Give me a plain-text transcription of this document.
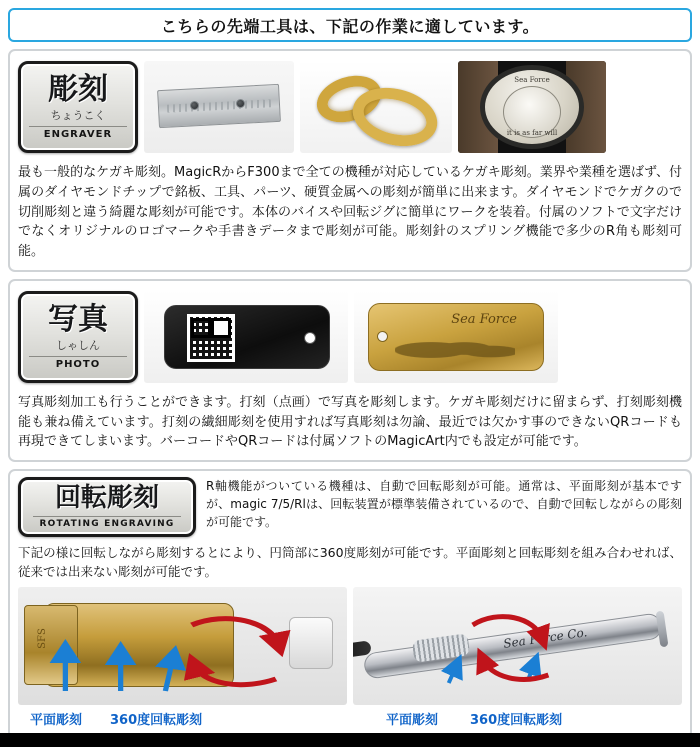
こちらの先端工具は、下記の作業に適しています。
彫刻
ちょうこく
ENGRAVER
Sea Force
it is as far will
最も一般的なケガキ彫刻。MagicRからF300まで全ての機種が対応しているケガキ彫刻。業界や業種を選ばず、付属のダイヤモンドチップで銘板、工具、パーツ、硬質金属への彫刻が簡単に出来ます。ダイヤモンドでケガクので切削彫刻と違う綺麗な彫刻が可能です。本体のバイスや回転ジグに簡単にワークを装着。付属のソフトで文字だけでなくオリジナルのロゴマークや手書きデータまで彫刻が可能。彫刻針のスプリング機能で多少のR角も彫刻可能。
写真
しゃしん
PHOTO
Sea Force
写真彫刻加工も行うことができます。打刻（点画）で写真を彫刻します。ケガキ彫刻だけに留まらず、打刻彫刻機能も兼ね備えています。打刻の繊細彫刻を使用すれば写真彫刻は勿論、最近では欠かす事のできないQRコードも再現できてしまいます。バーコードやQRコードは付属ソフトのMagicArt内でも設定が可能です。
回転彫刻
ROTATING ENGRAVING
R軸機能がついている機種は、自動で回転彫刻が可能。通常は、平面彫刻が基本ですが、magic 7/5/Rlは、回転装置が標準装備されているので、自動で回転しながらの彫刻が可能です。
下記の様に回転しながら彫刻するとにより、円筒部に360度彫刻が可能です。平面彫刻と回転彫刻を組み合わせれば、従来では出来ない彫刻が可能です。
SFS	Sea Force Co.
平面彫刻 360度回転彫刻	平面彫刻 360度回転彫刻
